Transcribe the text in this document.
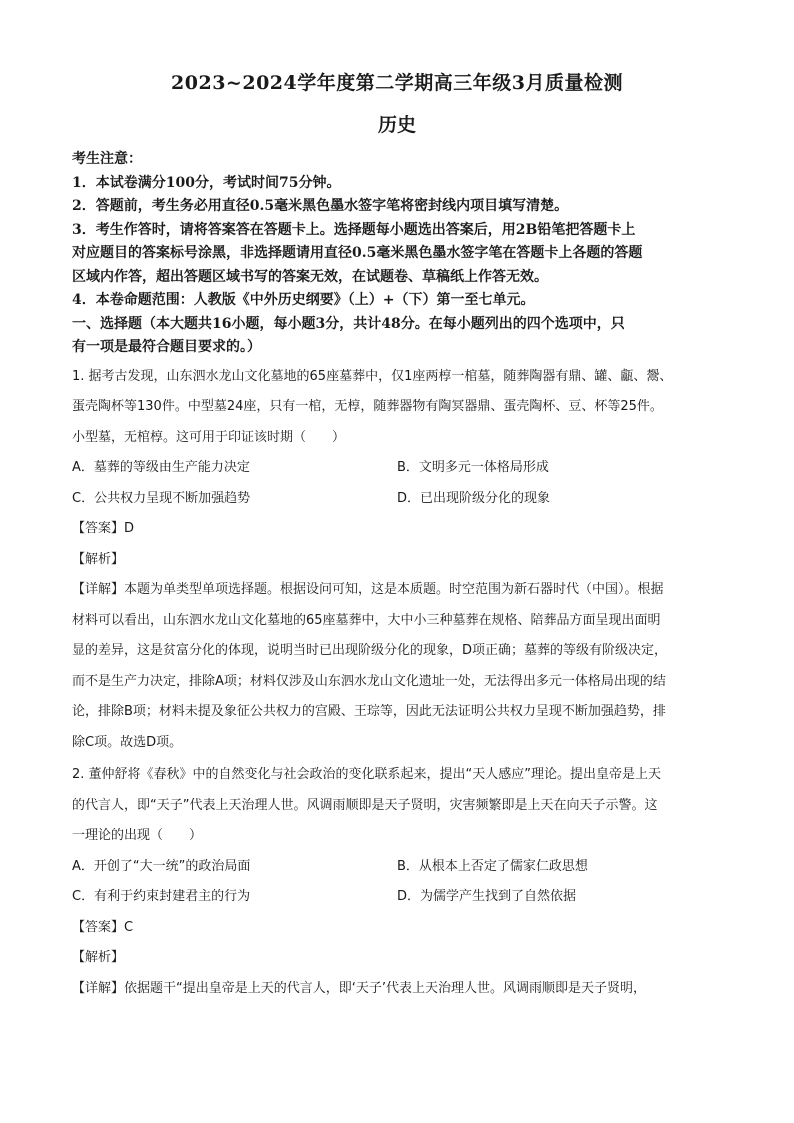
2023~2024学年度第二学期高三年级3月质量检测
历史

考生注意：

1．本试卷满分100分，考试时间75分钟。

2．答题前，考生务必用直径0.5毫米黑色墨水签字笔将密封线内项目填写清楚。

3．考生作答时，请将答案答在答题卡上。选择题每小题选出答案后，用2B铅笔把答题卡上

对应题目的答案标号涂黑，非选择题请用直径0.5毫米黑色墨水签字笔在答题卡上各题的答题

区域内作答，超出答题区域书写的答案无效，在试题卷、草稿纸上作答无效。

4．本卷命题范围：人教版《中外历史纲要》（上）+（下）第一至七单元。

一、选择题（本大题共16小题，每小题3分，共计48分。在每小题列出的四个选项中，只

有一项是最符合题目要求的。）

1. 据考古发现，山东泗水龙山文化墓地的65座墓葬中，仅1座两椁一棺墓，随葬陶器有鼎、罐、甗、鬶、

蛋壳陶杯等130件。中型墓24座，只有一棺，无椁，随葬器物有陶冥器鼎、蛋壳陶杯、豆、杯等25件。

小型墓，无棺椁。这可用于印证该时期（　　）

A．墓葬的等级由生产能力决定	B．文明多元一体格局形成
C．公共权力呈现不断加强趋势	D．已出现阶级分化的现象

【答案】D

【解析】

【详解】本题为单类型单项选择题。根据设问可知，这是本质题。时空范围为新石器时代（中国）。根据

材料可以看出，山东泗水龙山文化墓地的65座墓葬中，大中小三种墓葬在规格、陪葬品方面呈现出面明

显的差异，这是贫富分化的体现，说明当时已出现阶级分化的现象，D项正确；墓葬的等级有阶级决定，

而不是生产力决定，排除A项；材料仅涉及山东泗水龙山文化遗址一处，无法得出多元一体格局出现的结

论，排除B项；材料未提及象征公共权力的宫殿、王琮等，因此无法证明公共权力呈现不断加强趋势，排

除C项。故选D项。

2. 董仲舒将《春秋》中的自然变化与社会政治的变化联系起来，提出“天人感应”理论。提出皇帝是上天

的代言人，即“天子”代表上天治理人世。风调雨顺即是天子贤明，灾害频繁即是上天在向天子示警。这

一理论的出现（　　）

A．开创了“大一统”的政治局面	B．从根本上否定了儒家仁政思想
C．有利于约束封建君主的行为	D．为儒学产生找到了自然依据

【答案】C

【解析】

【详解】依据题干“提出皇帝是上天的代言人，即‘天子’代表上天治理人世。风调雨顺即是天子贤明，
